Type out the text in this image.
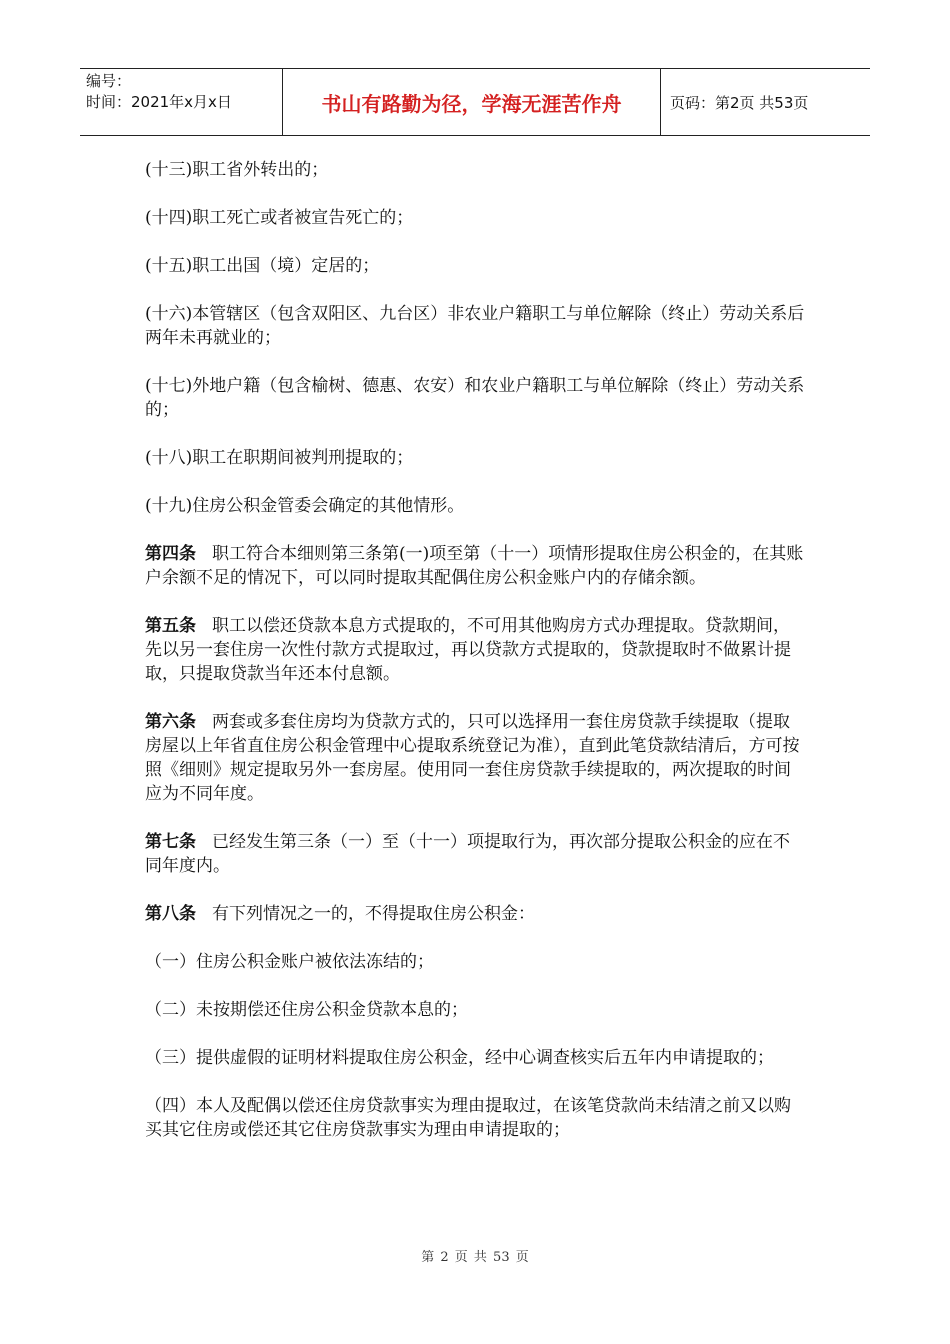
编号：
时间：2021年x月x日	书山有路勤为径，学海无涯苦作舟	页码：第2页 共53页

(十三)职工省外转出的；

(十四)职工死亡或者被宣告死亡的；

(十五)职工出国（境）定居的；

(十六)本管辖区（包含双阳区、九台区）非农业户籍职工与单位解除（终止）劳动关系后两年未再就业的；

(十七)外地户籍（包含榆树、德惠、农安）和农业户籍职工与单位解除（终止）劳动关系的；

(十八)职工在职期间被判刑提取的；

(十九)住房公积金管委会确定的其他情形。

第四条 职工符合本细则第三条第(一)项至第（十一）项情形提取住房公积金的，在其账户余额不足的情况下，可以同时提取其配偶住房公积金账户内的存储余额。

第五条 职工以偿还贷款本息方式提取的，不可用其他购房方式办理提取。贷款期间，先以另一套住房一次性付款方式提取过，再以贷款方式提取的，贷款提取时不做累计提取，只提取贷款当年还本付息额。

第六条 两套或多套住房均为贷款方式的，只可以选择用一套住房贷款手续提取（提取房屋以上年省直住房公积金管理中心提取系统登记为准），直到此笔贷款结清后，方可按照《细则》规定提取另外一套房屋。使用同一套住房贷款手续提取的，两次提取的时间应为不同年度。

第七条 已经发生第三条（一）至（十一）项提取行为，再次部分提取公积金的应在不同年度内。

第八条 有下列情况之一的，不得提取住房公积金：

（一）住房公积金账户被依法冻结的；

（二）未按期偿还住房公积金贷款本息的；

（三）提供虚假的证明材料提取住房公积金，经中心调查核实后五年内申请提取的；

（四）本人及配偶以偿还住房贷款事实为理由提取过，在该笔贷款尚未结清之前又以购买其它住房或偿还其它住房贷款事实为理由申请提取的；

第 2 页 共 53 页
